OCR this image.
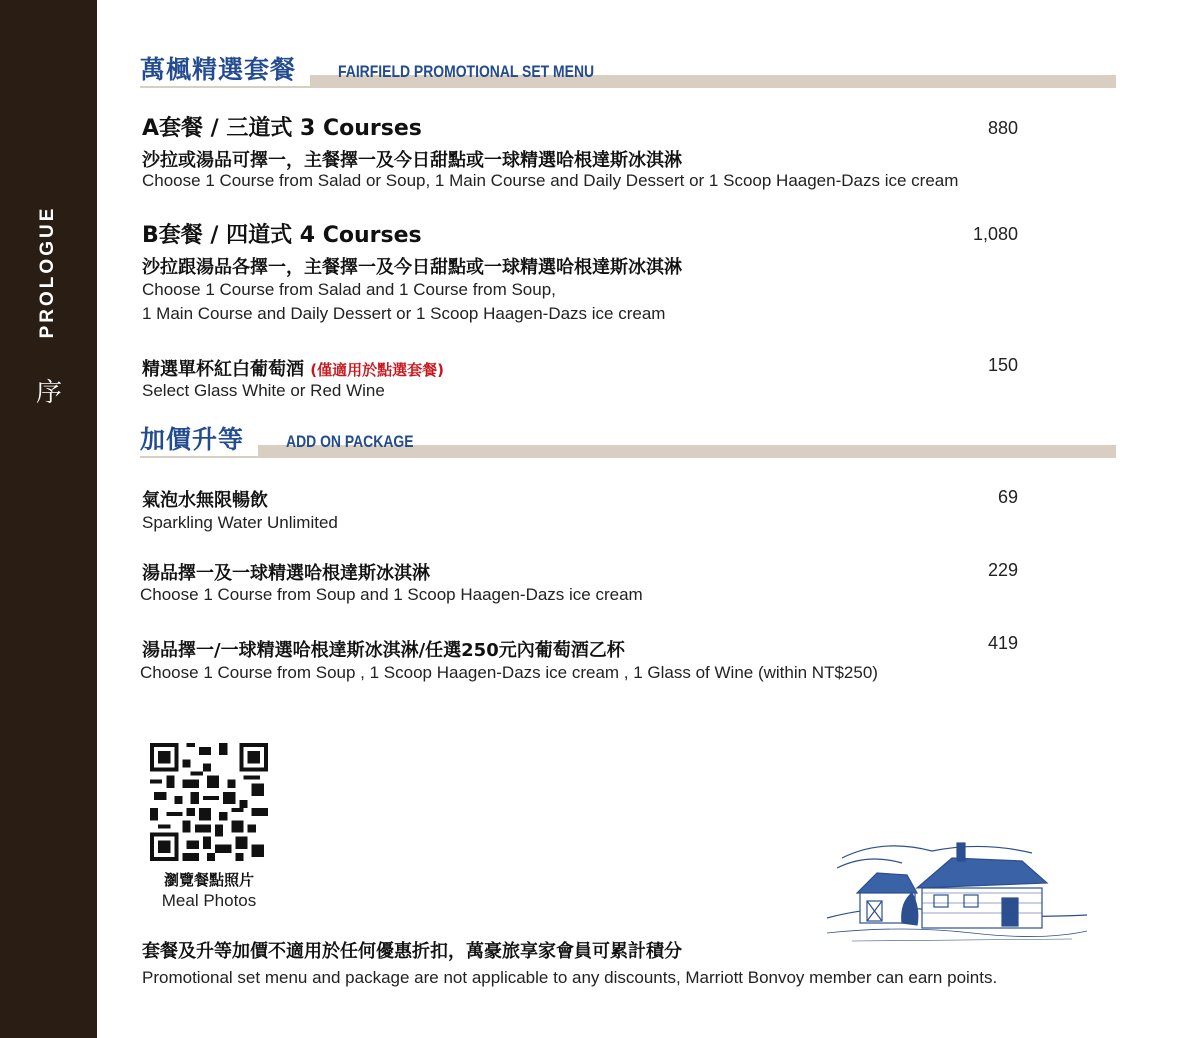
PROLOGUE
序
萬楓精選套餐	FAIRFIELD PROMOTIONAL SET MENU
A套餐 / 三道式 3 Courses	880
沙拉或湯品可擇一，主餐擇一及今日甜點或一球精選哈根達斯冰淇淋
Choose 1 Course from Salad or Soup, 1 Main Course and Daily Dessert or 1 Scoop Haagen-Dazs ice cream
B套餐 / 四道式 4 Courses	1,080
沙拉跟湯品各擇一，主餐擇一及今日甜點或一球精選哈根達斯冰淇淋
Choose 1 Course from Salad and 1 Course from Soup,
1 Main Course and Daily Dessert or 1 Scoop Haagen-Dazs ice cream
精選單杯紅白葡萄酒 (僅適用於點選套餐)	150
Select Glass White or Red Wine
加價升等	ADD ON PACKAGE
氣泡水無限暢飲	69
Sparkling Water Unlimited
湯品擇一及一球精選哈根達斯冰淇淋	229
Choose 1 Course from Soup and 1 Scoop Haagen-Dazs ice cream
湯品擇一/一球精選哈根達斯冰淇淋/任選250元內葡萄酒乙杯	419
Choose 1 Course from Soup , 1 Scoop Haagen-Dazs ice cream , 1 Glass of Wine (within NT$250)
瀏覽餐點照片
Meal Photos
套餐及升等加價不適用於任何優惠折扣，萬豪旅享家會員可累計積分
Promotional set menu and package are not applicable to any discounts, Marriott Bonvoy member can earn points.
